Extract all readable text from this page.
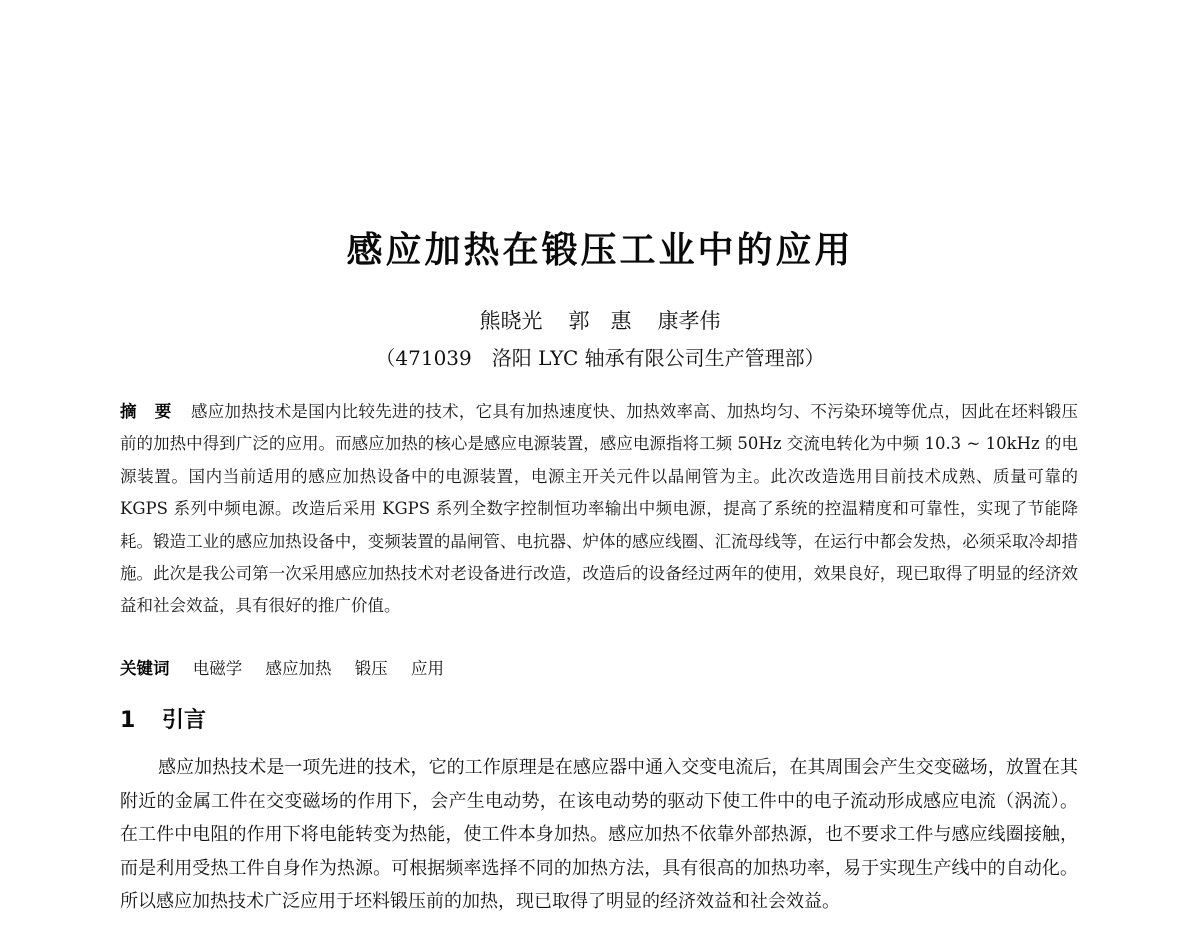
感应加热在锻压工业中的应用
熊晓光 郭　惠 康孝伟
（471039　洛阳 LYC 轴承有限公司生产管理部）
摘要 感应加热技术是国内比较先进的技术，它具有加热速度快、加热效率高、加热均匀、不污染环境等优点，因此在坯料锻压前的加热中得到广泛的应用。而感应加热的核心是感应电源装置，感应电源指将工频 50Hz 交流电转化为中频 10.3 ~ 10kHz 的电源装置。国内当前适用的感应加热设备中的电源装置，电源主开关元件以晶闸管为主。此次改造选用目前技术成熟、质量可靠的 KGPS 系列中频电源。改造后采用 KGPS 系列全数字控制恒功率输出中频电源，提高了系统的控温精度和可靠性，实现了节能降耗。锻造工业的感应加热设备中，变频装置的晶闸管、电抗器、炉体的感应线圈、汇流母线等，在运行中都会发热，必须采取冷却措施。此次是我公司第一次采用感应加热技术对老设备进行改造，改造后的设备经过两年的使用，效果良好，现已取得了明显的经济效益和社会效益，具有很好的推广价值。
关键词 电磁学 感应加热 锻压 应用
1 引言
感应加热技术是一项先进的技术，它的工作原理是在感应器中通入交变电流后，在其周围会产生交变磁场，放置在其附近的金属工件在交变磁场的作用下，会产生电动势，在该电动势的驱动下使工件中的电子流动形成感应电流（涡流）。在工件中电阻的作用下将电能转变为热能，使工件本身加热。感应加热不依靠外部热源，也不要求工件与感应线圈接触，而是利用受热工件自身作为热源。可根据频率选择不同的加热方法，具有很高的加热功率，易于实现生产线中的自动化。所以感应加热技术广泛应用于坯料锻压前的加热，现已取得了明显的经济效益和社会效益。
